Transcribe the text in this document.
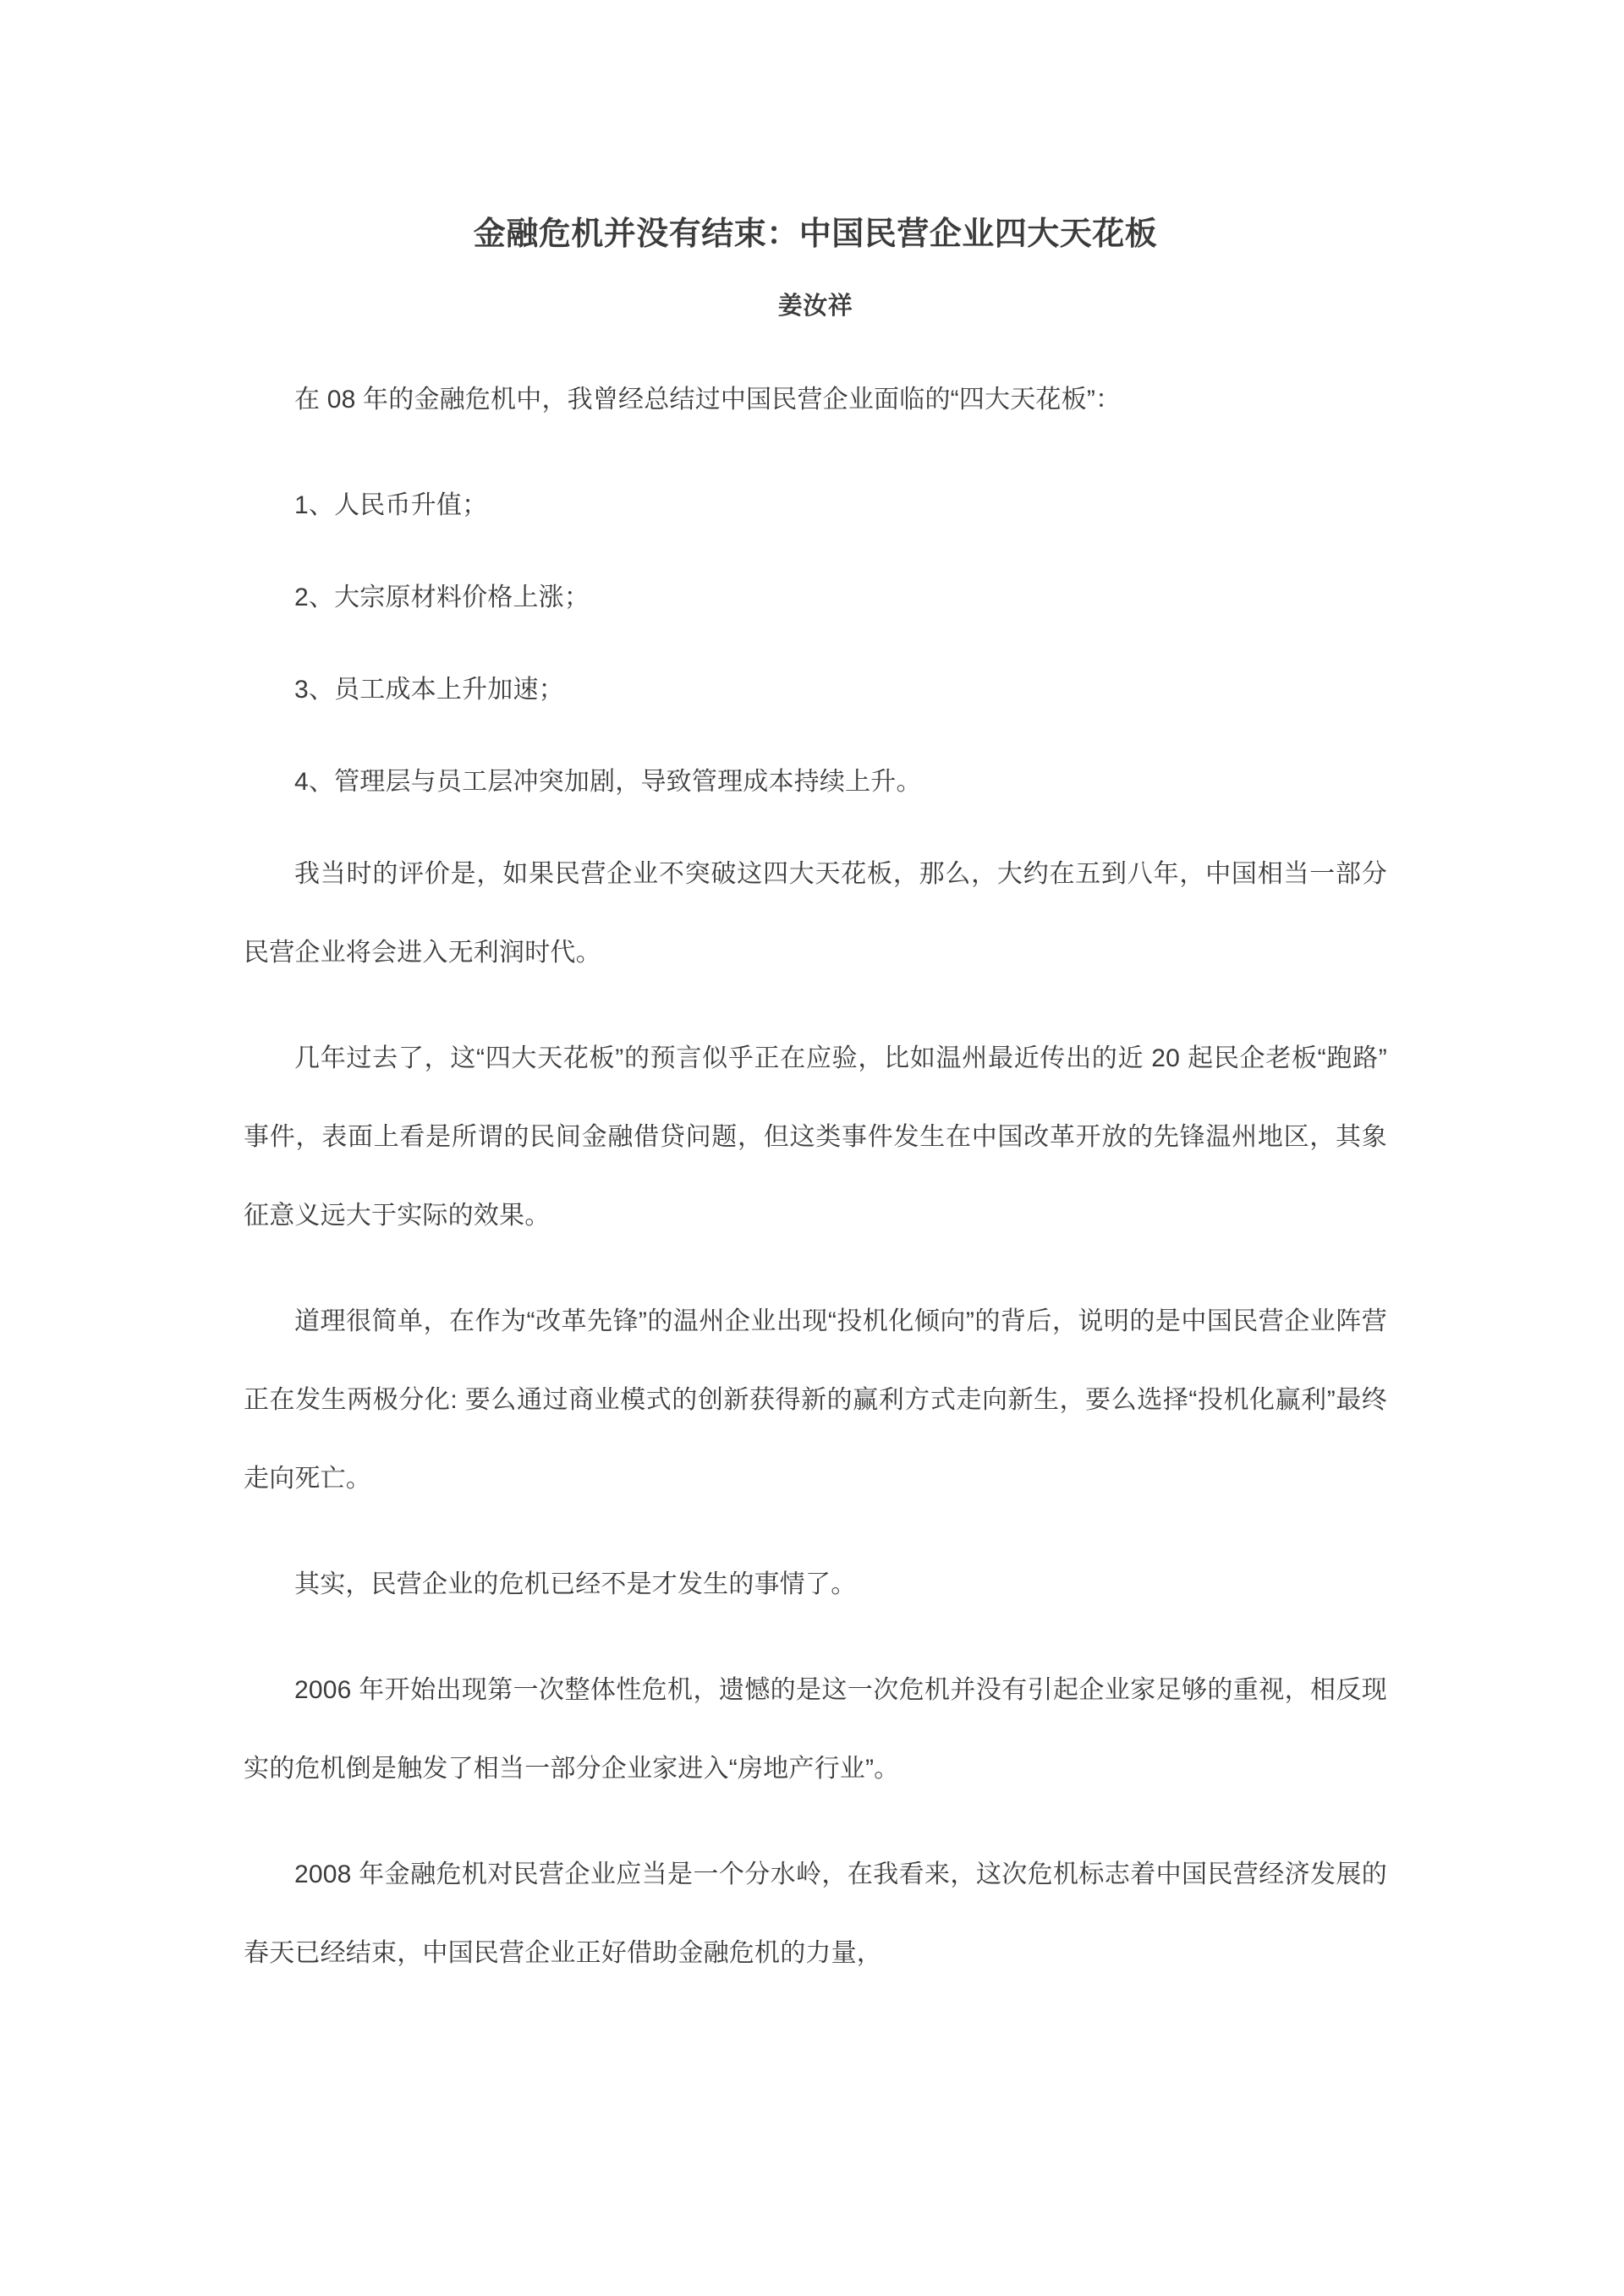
金融危机并没有结束：中国民营企业四大天花板
姜汝祥

在 08 年的金融危机中，我曾经总结过中国民营企业面临的“四大天花板”：

1、人民币升值；

2、大宗原材料价格上涨；

3、员工成本上升加速；

4、管理层与员工层冲突加剧，导致管理成本持续上升。

我当时的评价是，如果民营企业不突破这四大天花板，那么，大约在五到八年，中国相当一部分民营企业将会进入无利润时代。

几年过去了，这“四大天花板”的预言似乎正在应验，比如温州最近传出的近 20 起民企老板“跑路”事件，表面上看是所谓的民间金融借贷问题，但这类事件发生在中国改革开放的先锋温州地区，其象征意义远大于实际的效果。

道理很简单，在作为“改革先锋”的温州企业出现“投机化倾向”的背后，说明的是中国民营企业阵营正在发生两极分化: 要么通过商业模式的创新获得新的赢利方式走向新生，要么选择“投机化赢利”最终走向死亡。

其实，民营企业的危机已经不是才发生的事情了。

2006 年开始出现第一次整体性危机，遗憾的是这一次危机并没有引起企业家足够的重视，相反现实的危机倒是触发了相当一部分企业家进入“房地产行业”。

2008 年金融危机对民营企业应当是一个分水岭，在我看来，这次危机标志着中国民营经济发展的春天已经结束，中国民营企业正好借助金融危机的力量，
